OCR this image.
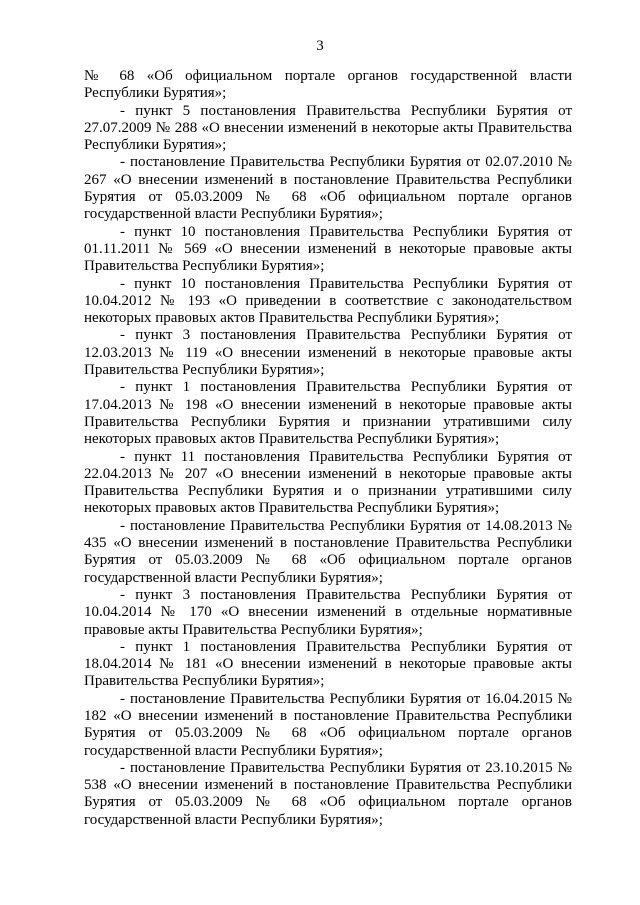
3

№ 68 «Об официальном портале органов государственной власти Республики Бурятия»;

- пункт 5 постановления Правительства Республики Бурятия от 27.07.2009 № 288 «О внесении изменений в некоторые акты Правительства Республики Бурятия»;

- постановление Правительства Республики Бурятия от 02.07.2010 № 267 «О внесении изменений в постановление Правительства Республики Бурятия от 05.03.2009 № 68 «Об официальном портале органов государственной власти Республики Бурятия»;

- пункт 10 постановления Правительства Республики Бурятия от 01.11.2011 № 569 «О внесении изменений в некоторые правовые акты Правительства Республики Бурятия»;

- пункт 10 постановления Правительства Республики Бурятия от 10.04.2012 № 193 «О приведении в соответствие с законодательством некоторых правовых актов Правительства Республики Бурятия»;

- пункт 3 постановления Правительства Республики Бурятия от 12.03.2013 № 119 «О внесении изменений в некоторые правовые акты Правительства Республики Бурятия»;

- пункт 1 постановления Правительства Республики Бурятия от 17.04.2013 № 198 «О внесении изменений в некоторые правовые акты Правительства Республики Бурятия и признании утратившими силу некоторых правовых актов Правительства Республики Бурятия»;

- пункт 11 постановления Правительства Республики Бурятия от 22.04.2013 № 207 «О внесении изменений в некоторые правовые акты Правительства Республики Бурятия и о признании утратившими силу некоторых правовых актов Правительства Республики Бурятия»;

- постановление Правительства Республики Бурятия от 14.08.2013 № 435 «О внесении изменений в постановление Правительства Республики Бурятия от 05.03.2009 № 68 «Об официальном портале органов государственной власти Республики Бурятия»;

- пункт 3 постановления Правительства Республики Бурятия от 10.04.2014 № 170 «О внесении изменений в отдельные нормативные правовые акты Правительства Республики Бурятия»;

- пункт 1 постановления Правительства Республики Бурятия от 18.04.2014 № 181 «О внесении изменений в некоторые правовые акты Правительства Республики Бурятия»;

- постановление Правительства Республики Бурятия от 16.04.2015 № 182 «О внесении изменений в постановление Правительства Республики Бурятия от 05.03.2009 № 68 «Об официальном портале органов государственной власти Республики Бурятия»;

- постановление Правительства Республики Бурятия от 23.10.2015 № 538 «О внесении изменений в постановление Правительства Республики Бурятия от 05.03.2009 № 68 «Об официальном портале органов государственной власти Республики Бурятия»;
